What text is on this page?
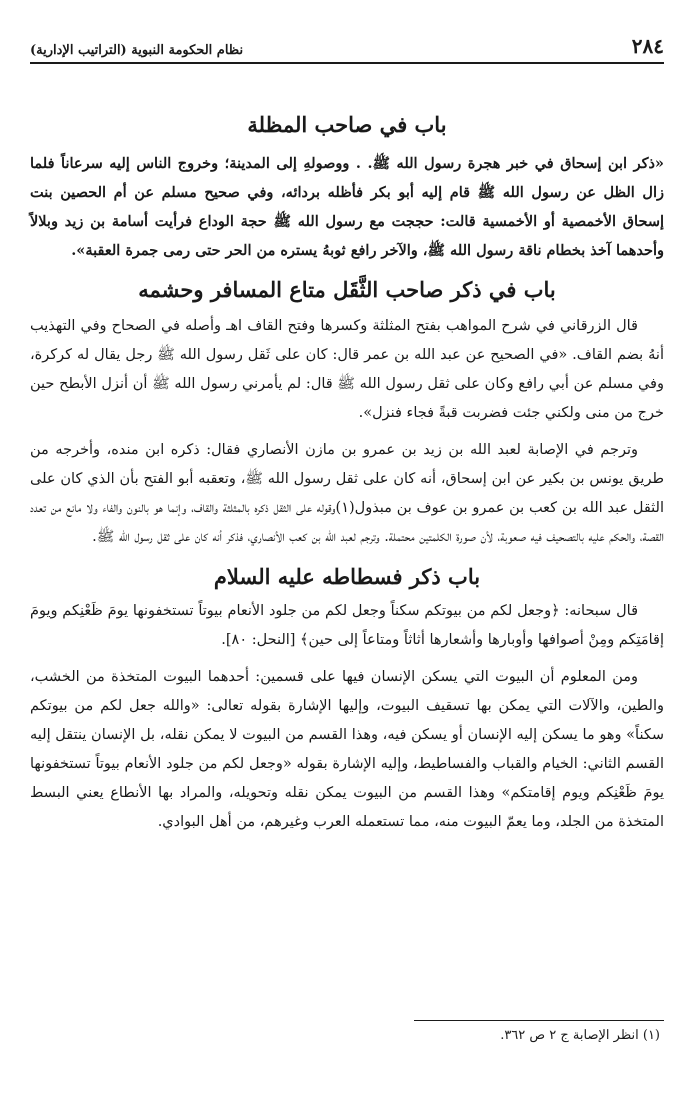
٢٨٤
نظام الحكومة النبوية (التراتيب الإدارية)
باب في صاحب المظلة

«ذكر ابن إسحاق في خبر هجرة رسول الله ﷺ. . ووصولهِ إلى المدينة؛ وخروج الناس إليه سرعاناً فلما زال الظل عن رسول الله ﷺ قام إليه أبو بكر فأظله بردائه، وفي صحيح مسلم عن أم الحصين بنت إسحاق الأخمصية أو الأخمسية قالت: حججت مع رسول الله ﷺ حجة الوداع فرأيت أسامة بن زيد وبلالاً وأحدهما آخذ بخطام ناقة رسول الله ﷺ، والآخر رافع ثوبهُ يستره من الحر حتى رمى جمرة العقبة».

باب في ذكر صاحب الثَّقَل متاع المسافر وحشمه

قال الزرقاني في شرح المواهب بفتح المثلثة وكسرها وفتح القاف اهـ وأصله في الصحاح وفي التهذيب أنهُ بضم القاف. «في الصحيح عن عبد الله بن عمر قال: كان على ثَقل رسول الله ﷺ رجل يقال له كركرة، وفي مسلم عن أبي رافع وكان على ثقل رسول الله ﷺ قال: لم يأمرني رسول الله ﷺ أن أنزل الأبطح حين خرج من منى ولكني جئت فضربت قبةً فجاء فنزل».

وترجم في الإصابة لعبد الله بن زيد بن عمرو بن مازن الأنصاري فقال: ذكره ابن منده، وأخرجه من طريق يونس بن بكير عن ابن إسحاق، أنه كان على ثقل رسول الله ﷺ، وتعقبه أبو الفتح بأن الذي كان على الثقل عبد الله بن كعب بن عمرو بن عوف بن مبذول(١)وقوله على الثقل ذكره بالمثلثة والقاف، وإنما هو بالنون والفاء ولا مانع من تعدد القصة، والحكم عليه بالتصحيف فيه صعوبة، لأن صورة الكلمتين محتملة. وترجم لعبد الله بن كعب الأنصاري، فذكر أنه كان على ثقل رسول الله ﷺ.

باب ذكر فسطاطه عليه السلام

قال سبحانه: ﴿وجعل لكم من بيوتكم سكناً وجعل لكم من جلود الأنعام بيوتاً تستخفونها يومَ ظَعْنِكم ويومَ إقامَتِكم ومِنْ أصوافها وأوبارها وأشعارها أثاثاً ومتاعاً إلى حين﴾ [النحل: ٨٠].

ومن المعلوم أن البيوت التي يسكن الإنسان فيها على قسمين: أحدهما البيوت المتخذة من الخشب، والطين، والآلات التي يمكن بها تسقيف البيوت، وإليها الإشارة بقوله تعالى: «والله جعل لكم من بيوتكم سكناً» وهو ما يسكن إليه الإنسان أو يسكن فيه، وهذا القسم من البيوت لا يمكن نقله، بل الإنسان ينتقل إليه القسم الثاني: الخيام والقباب والفساطيط، وإليه الإشارة بقوله «وجعل لكم من جلود الأنعام بيوتاً تستخفونها يومَ ظَعْنِكم ويوم إقامتكم» وهذا القسم من البيوت يمكن نقله وتحويله، والمراد بها الأنطاع يعني البسط المتخذة من الجلد، وما يعمّ البيوت منه، مما تستعمله العرب وغيرهم، من أهل البوادي.

(١) انظر الإصابة ج ٢ ص ٣٦٢.
